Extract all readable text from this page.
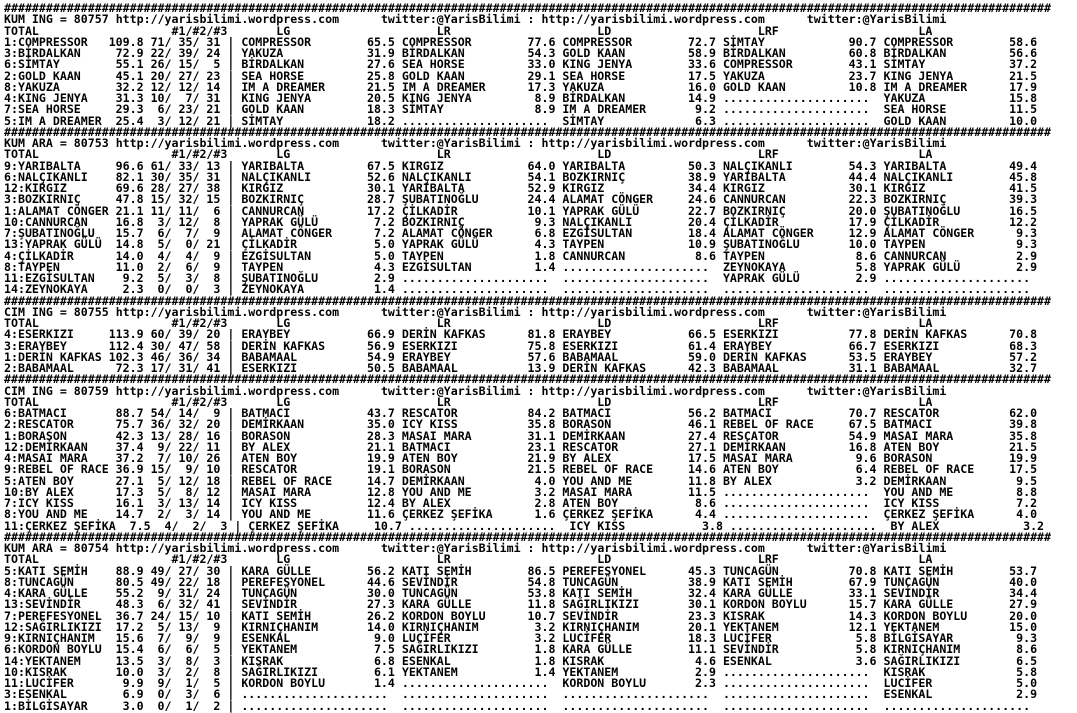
######################################################################################################################################################
KUM ING = 80757 http://yarisbilimi.wordpress.com	twitter:@YarisBilimi : http://yarisbilimi.wordpress.com	twitter:@YarisBilimi
TOTAL                   #1/#2/#3       LG                     LR                     LD                     LRF                    LA
1:COMPRESSOR   109.8 71/ 35/ 31 | COMPRESSOR        65.5 COMPRESSOR        77.6 COMPRESSOR        72.7 SİMTAY            90.7 COMPRESSOR        58.6
3:BİRDALKAN     72.9 22/ 39/ 24 | YAKUZA            31.9 BİRDALKAN         54.3 GOLD KAAN         58.9 BİRDALKAN         60.8 BİRDALKAN         56.6
6:SİMTAY        55.1 26/ 15/  5 | BİRDALKAN         27.6 SEA HORSE         33.0 KING JENYA        33.6 COMPRESSOR        43.1 SİMTAY            37.2
2:GOLD KAAN     45.1 20/ 27/ 23 | SEA HORSE         25.8 GOLD KAAN         29.1 SEA HORSE         17.5 YAKUZA            23.7 KING JENYA        21.5
8:YAKUZA        32.2 12/ 12/ 14 | IM A DREAMER      21.5 IM A DREAMER      17.3 YAKUZA            16.0 GOLD KAAN         10.8 IM A DREAMER      17.9
4:KING JENYA    31.3 10/  7/ 31 | KING JENYA        20.5 KING JENYA         8.9 BİRDALKAN         14.9 .....................  YAKUZA            15.8
7:SEA HORSE     29.3  6/ 23/ 21 | GOLD KAAN         18.3 SİMTAY             8.9 IM A DREAMER       9.2 .....................  SEA HORSE         11.5
5:IM A DREAMER  25.4  3/ 12/ 21 | SİMTAY            18.2 .....................  SİMTAY             6.3 .....................  GOLD KAAN         10.0
######################################################################################################################################################
KUM ARA = 80753 http://yarisbilimi.wordpress.com	twitter:@YarisBilimi : http://yarisbilimi.wordpress.com	twitter:@YarisBilimi
TOTAL                   #1/#2/#3       LG                     LR                     LD                     LRF                    LA
9:YARIBALTA     96.6 61/ 33/ 13 | YARIBALTA         67.5 KIRGIZ            64.0 YARIBALTA         50.3 NALÇIKANLI        54.3 YARIBALTA         49.4
6:NALÇIKANLI    82.1 30/ 35/ 31 | NALÇIKANLI        52.6 NALÇIKANLI        54.1 BOZKIRNIÇ         38.9 YARIBALTA         44.4 NALÇIKANLI        45.8
12:KIRGIZ       69.6 28/ 27/ 38 | KIRGIZ            30.1 YARIBALTA         52.9 KIRGIZ            34.4 KIRGIZ            30.1 KIRGIZ            41.5
3:BOZKIRNIÇ     47.8 15/ 32/ 15 | BOZKIRNIÇ         28.7 ŞUBATINOĞLU       24.4 ALAMAT CÖNGER     24.6 CANNURCAN         22.3 BOZKIRNIÇ         39.3
1:ALAMAT CÖNGER 21.1 11/ 11/  6 | CANNURCAN         17.2 ÇİLKADİR          10.1 YAPRAK GÜLÜ       22.7 BOZKIRNIÇ         20.0 ŞUBATINOĞLU       16.5
10:CANNURCAN    16.8  3/ 12/  8 | YAPRAK GÜLÜ        7.2 BOZKIRNIÇ          9.3 NALÇIKANLI        20.4 ÇİLKADİR          17.9 ÇİLKADİR          12.2
7:ŞUBATINOĞLU   15.7  6/  7/  9 | ALAMAT CÖNGER      7.2 ALAMAT CÖNGER      6.8 EZGİSULTAN        18.4 ALAMAT CÖNGER     12.9 ALAMAT CÖNGER      9.3
13:YAPRAK GÜLÜ  14.8  5/  0/ 21 | ÇİLKADİR           5.0 YAPRAK GÜLÜ        4.3 TAYPEN            10.9 ŞUBATINOĞLU       10.0 TAYPEN             9.3
4:ÇİLKADİR      14.0  4/  4/  9 | EZGİSULTAN         5.0 TAYPEN             1.8 CANNURCAN          8.6 TAYPEN             8.6 CANNURCAN          2.9
8:TAYPEN        11.0  2/  6/  9 | TAYPEN             4.3 EZGİSULTAN         1.4 .....................  ZEYNOKAYA          5.8 YAPRAK GÜLÜ        2.9
11:EZGİSULTAN    9.2  5/  3/  8 | ŞUBATINOĞLU        2.9 .....................  .....................  YAPRAK GÜLÜ        2.9 .....................
14:ZEYNOKAYA     2.3  0/  0/  3 | ZEYNOKAYA          1.4 .....................  .....................  .....................  .....................
######################################################################################################################################################
CIM ING = 80755 http://yarisbilimi.wordpress.com	twitter:@YarisBilimi : http://yarisbilimi.wordpress.com	twitter:@YarisBilimi
TOTAL                   #1/#2/#3       LG                     LR                     LD                     LRF                    LA
4:ESERKIZI     113.9 60/ 39/ 20 | ERAYBEY           66.9 DERİN KAFKAS      81.8 ERAYBEY           66.5 ESERKIZI          77.8 DERİN KAFKAS      70.8
3:ERAYBEY      112.4 30/ 47/ 58 | DERİN KAFKAS      56.9 ESERKIZI          75.8 ESERKIZI          61.4 ERAYBEY           66.7 ESERKIZI          68.3
1:DERİN KAFKAS 102.3 46/ 36/ 34 | BABAMAAL          54.9 ERAYBEY           57.6 BABAMAAL          59.0 DERİN KAFKAS      53.5 ERAYBEY           57.2
2:BABAMAAL      72.3 17/ 31/ 41 | ESERKIZI          50.5 BABAMAAL          13.9 DERİN KAFKAS      42.3 BABAMAAL          31.1 BABAMAAL          32.7
######################################################################################################################################################
CIM ING = 80759 http://yarisbilimi.wordpress.com	twitter:@YarisBilimi : http://yarisbilimi.wordpress.com	twitter:@YarisBilimi
TOTAL                   #1/#2/#3       LG                     LR                     LD                     LRF                    LA
6:BATMACI       88.7 54/ 14/  9 | BATMACI           43.7 RESCATOR          84.2 BATMACI           56.2 BATMACI           70.7 RESCATOR          62.0
2:RESCATOR      75.7 36/ 32/ 20 | DEMİRKAAN         35.0 ICY KISS          35.8 BORASON           46.1 REBEL OF RACE     67.5 BATMACI           39.8
1:BORASON       42.3 13/ 28/ 16 | BORASON           28.3 MASAI MARA        31.1 DEMİRKAAN         27.4 RESCATOR          54.9 MASAI MARA        35.8
12:DEMİRKAAN    37.4  9/ 22/ 11 | BY ALEX           21.1 BATMACI           23.1 RESCATOR          27.1 DEMİRKAAN         16.8 ATEN BOY          21.5
4:MASAI MARA    37.2  7/ 10/ 26 | ATEN BOY          19.9 ATEN BOY          21.9 BY ALEX           17.5 MASAI MARA         9.6 BORASON           19.9
9:REBEL OF RACE 36.9 15/  9/ 10 | RESCATOR          19.1 BORASON           21.5 REBEL OF RACE     14.6 ATEN BOY           6.4 REBEL OF RACE     17.5
5:ATEN BOY      27.1  5/ 12/ 18 | REBEL OF RACE     14.7 DEMİRKAAN          4.0 YOU AND ME        11.8 BY ALEX            3.2 DEMİRKAAN          9.5
10:BY ALEX      17.3  5/  8/ 12 | MASAI MARA        12.8 YOU AND ME         3.2 MASAI MARA        11.5 .....................  YOU AND ME         8.8
7:ICY KISS      16.1  3/ 13/ 14 | ICY KISS          12.4 BY ALEX            2.8 ATEN BOY           8.6 .....................  ICY KISS           7.2
8:YOU AND ME    14.7  2/  3/ 14 | YOU AND ME        11.6 ÇERKEZ ŞEFİKA      1.6 ÇERKEZ ŞEFİKA      4.4 .....................  ÇERKEZ ŞEFİKA      4.0
11:ÇERKEZ ŞEFİKA  7.5  4/  2/  3 | ÇERKEZ ŞEFİKA     10.7 .....................  ICY KISS           3.8 .....................  BY ALEX            3.2
######################################################################################################################################################
KUM ARA = 80754 http://yarisbilimi.wordpress.com	twitter:@YarisBilimi : http://yarisbilimi.wordpress.com	twitter:@YarisBilimi
TOTAL                   #1/#2/#3       LG                     LR                     LD                     LRF                    LA
5:KATI SEMİH    88.9 49/ 27/ 30 | KARA GÜLLE        56.2 KATI SEMİH        86.5 PEREFESYONEL      45.3 TUNCAGÜN          70.8 KATI SEMİH        53.7
8:TUNCAGÜN      80.5 49/ 22/ 18 | PEREFESYONEL      44.6 SEVİNDİR          54.8 TUNCAGÜN          38.9 KATI SEMİH        67.9 TUNCAGÜN          40.0
4:KARA GÜLLE    55.2  9/ 31/ 24 | TUNCAGÜN          30.0 TUNCAGÜN          53.8 KATI SEMİH        32.4 KARA GÜLLE        33.1 SEVİNDİR          34.4
13:SEVİNDİR     48.3  6/ 32/ 41 | SEVİNDİR          27.3 KARA GÜLLE        11.8 SAĞIRLIKIZI       30.1 KORDON BOYLU      15.7 KARA GÜLLE        27.9
7:PEREFESYONEL  36.7 24/ 15/ 10 | KATI SEMİH        26.2 KORDON BOYLU      10.7 SEVİNDİR          23.3 KISRAK            14.3 KORDON BOYLU      20.0
12:SAĞIRLIKIZI  17.2  5/ 13/  9 | KIRNIÇHANIM       14.0 KIRNIÇHANIM        3.2 KIRNIÇHANIM       20.1 YEKTANEM          12.1 YEKTANEM          15.0
9:KIRNIÇHANIM   15.6  7/  9/  9 | ESENKAL            9.0 LUCİFER            3.2 LUCİFER           18.3 LUCİFER            5.8 BİLGİSAYAR         9.3
6:KORDON BOYLU  15.4  6/  6/  5 | YEKTANEM           7.5 SAĞIRLIKIZI        1.8 KARA GÜLLE        11.1 SEVİNDİR           5.8 KIRNIÇHANIM        8.6
14:YEKTANEM     13.5  3/  8/  3 | KISRAK             6.8 ESENKAL            1.8 KISRAK             4.6 ESENKAL            3.6 SAĞIRLIKIZI        6.5
10:KISRAK       10.0  3/  2/  8 | SAĞIRLIKIZI        6.1 YEKTANEM           1.4 YEKTANEM           2.9 .....................  KISRAK             5.8
11:LUCİFER       9.9  9/  1/  5 | KORDON BOYLU       1.4 .....................  KORDON BOYLU       2.3 .....................  LUCİFER            5.0
3:ESENKAL        6.9  0/  3/  6 | .....................  .....................  .....................  .....................  ESENKAL            2.9
1:BİLGİSAYAR     3.0  0/  1/  2 | .....................  .....................  .....................  .....................  .....................
